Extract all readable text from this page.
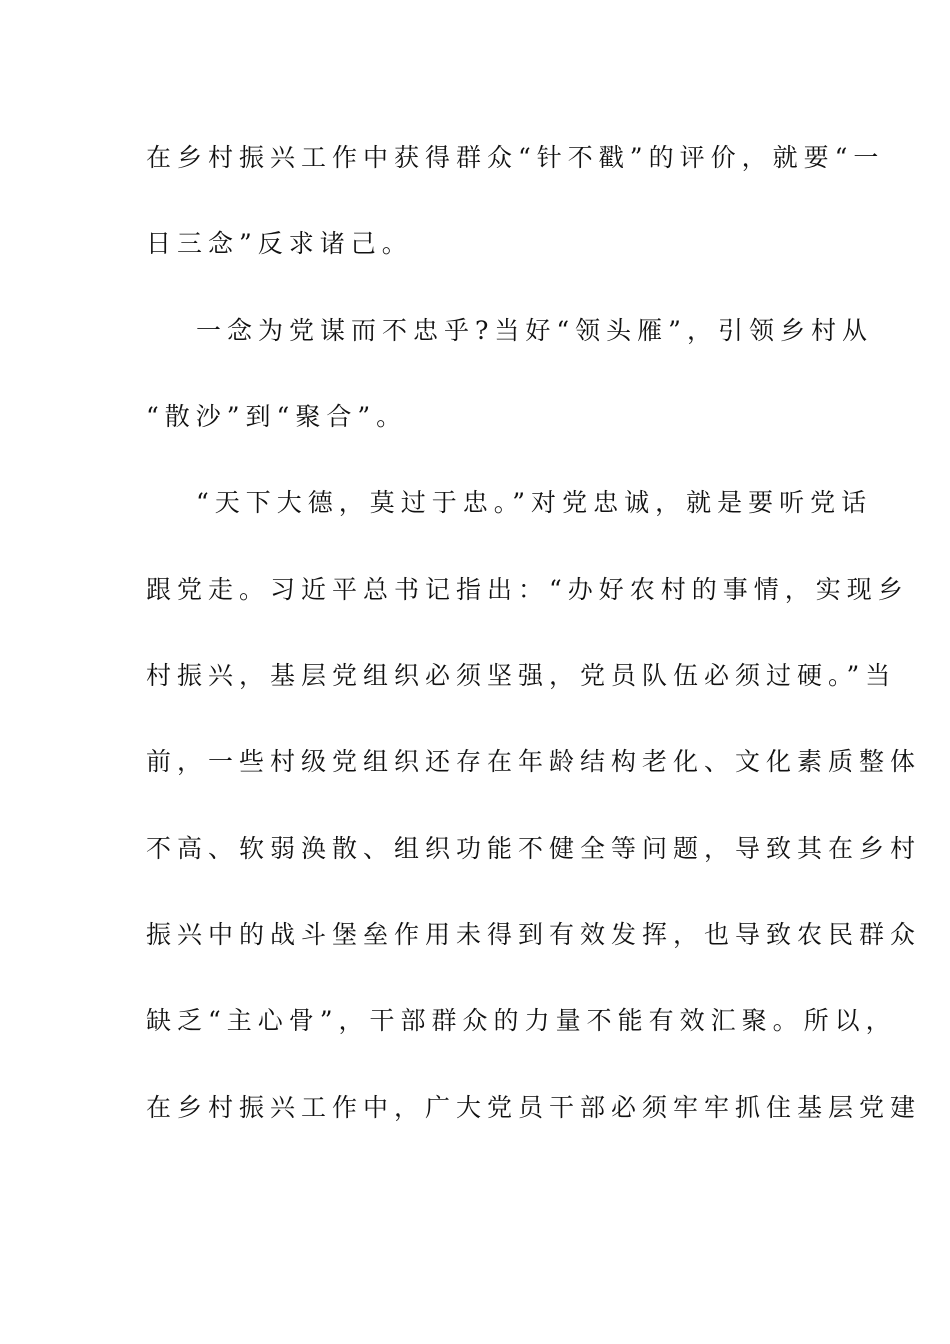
在乡村振兴工作中获得群众“针不戳”的评价，就要“一
日三念”反求诸己。
一念为党谋而不忠乎?当好“领头雁”，引领乡村从
“散沙”到“聚合”。
“天下大德，莫过于忠。”对党忠诚，就是要听党话
跟党走。习近平总书记指出：“办好农村的事情，实现乡
村振兴，基层党组织必须坚强，党员队伍必须过硬。”当
前，一些村级党组织还存在年龄结构老化、文化素质整体
不高、软弱涣散、组织功能不健全等问题，导致其在乡村
振兴中的战斗堡垒作用未得到有效发挥，也导致农民群众
缺乏“主心骨”，干部群众的力量不能有效汇聚。所以，
在乡村振兴工作中，广大党员干部必须牢牢抓住基层党建
